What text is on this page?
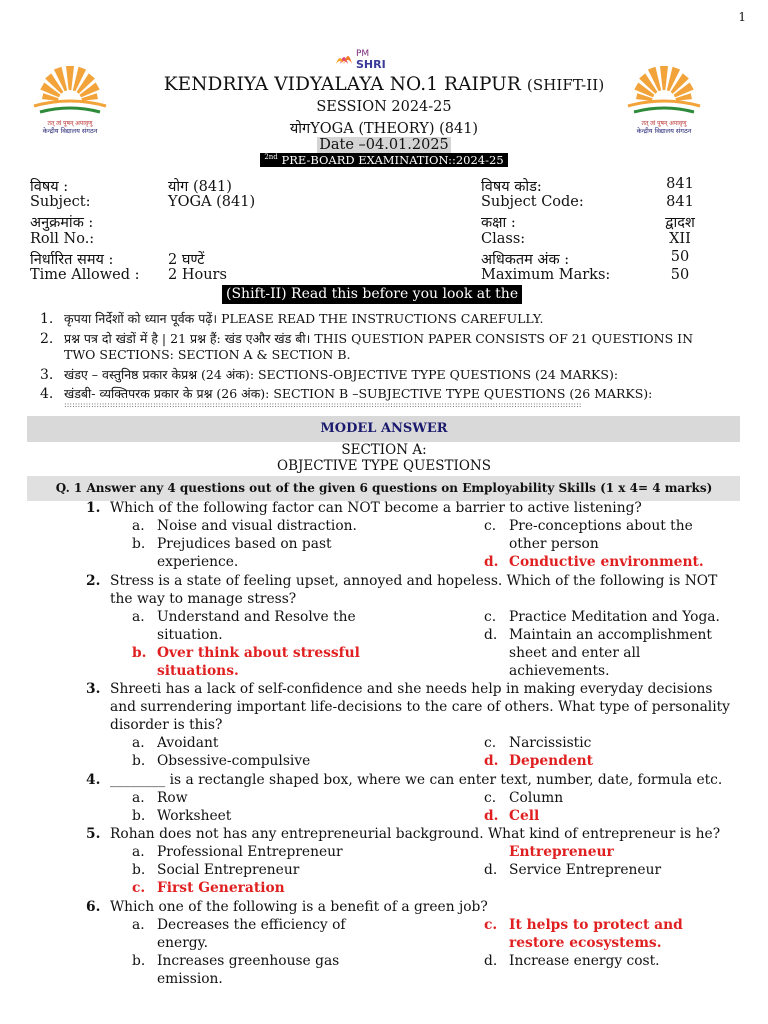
1
PM
SHRI
तत् त्वं पूषन् अपावृणु
केन्द्रीय विद्यालय संगठन
तत् त्वं पूषन् अपावृणु
केन्द्रीय विद्यालय संगठन
KENDRIYA VIDYALAYA NO.1 RAIPUR (SHIFT-II)
SESSION 2024-25
योगYOGA (THEORY) (841)
Date –04.01.2025
$^{2nd}$ PRE-BOARD EXAMINATION::2024-25
विषय :	योग (841)
Subject:	YOGA (841)
अनुक्रमांक :
Roll No.:
निर्धारित समय :	2 घण्टें
Time Allowed : 2 Hours
विषय कोड:	841
Subject Code:	841
कक्षा :	द्वादश
Class:	XII
अधिकतम अंक :	50
Maximum Marks:	50
(Shift-II) Read this before you look at the
1. कृपया निर्देशों को ध्यान पूर्वक पढ़ें। PLEASE READ THE INSTRUCTIONS CAREFULLY.
2. प्रश्न पत्र दो खंडों में है | 21 प्रश्न हैं: खंड एऔर खंड बी। THIS QUESTION PAPER CONSISTS OF 21 QUESTIONS IN
TWO SECTIONS: SECTION A & SECTION B.
3. खंडए – वस्तुनिष्ठ प्रकार केप्रश्न (24 अंक): SECTIONS-OBJECTIVE TYPE QUESTIONS (24 MARKS):
4. खंडबी- व्यक्तिपरक प्रकार के प्रश्न (26 अंक): SECTION B –SUBJECTIVE TYPE QUESTIONS (26 MARKS):
::::::::::::::::::::::::::::::::::::::::::::::::::::::::::::::::::::::::::::::::::::::::::::::::::::::::::::::::::::::::::::::::::::::::::::::::::::::::::::::::::::::::::::::::::::::::::::::::
MODEL ANSWER
SECTION A:
OBJECTIVE TYPE QUESTIONS
Q. 1 Answer any 4 questions out of the given 6 questions on Employability Skills (1 x 4= 4 marks)
1. Which of the following factor can NOT become a barrier to active listening?
a. Noise and visual distraction.
b. Prejudices based on past
experience.
c. Pre-conceptions about the
other person
d. Conductive environment.
2. Stress is a state of feeling upset, annoyed and hopeless. Which of the following is NOT
the way to manage stress?
a. Understand and Resolve the
situation.
b. Over think about stressful
situations.
c. Practice Meditation and Yoga.
d. Maintain an accomplishment
sheet and enter all
achievements.
3. Shreeti has a lack of self-confidence and she needs help in making everyday decisions
and surrendering important life-decisions to the care of others. What type of personality
disorder is this?
a. Avoidant
b. Obsessive-compulsive
c. Narcissistic
d. Dependent
4. ________ is a rectangle shaped box, where we can enter text, number, date, formula etc.
a. Row
b. Worksheet
c. Column
d. Cell
5. Rohan does not has any entrepreneurial background. What kind of entrepreneur is he?
a. Professional Entrepreneur
b. Social Entrepreneur
c. First Generation
Entrepreneur
d. Service Entrepreneur
6. Which one of the following is a benefit of a green job?
a. Decreases the efficiency of
energy.
b. Increases greenhouse gas
emission.
c. It helps to protect and
restore ecosystems.
d. Increase energy cost.
